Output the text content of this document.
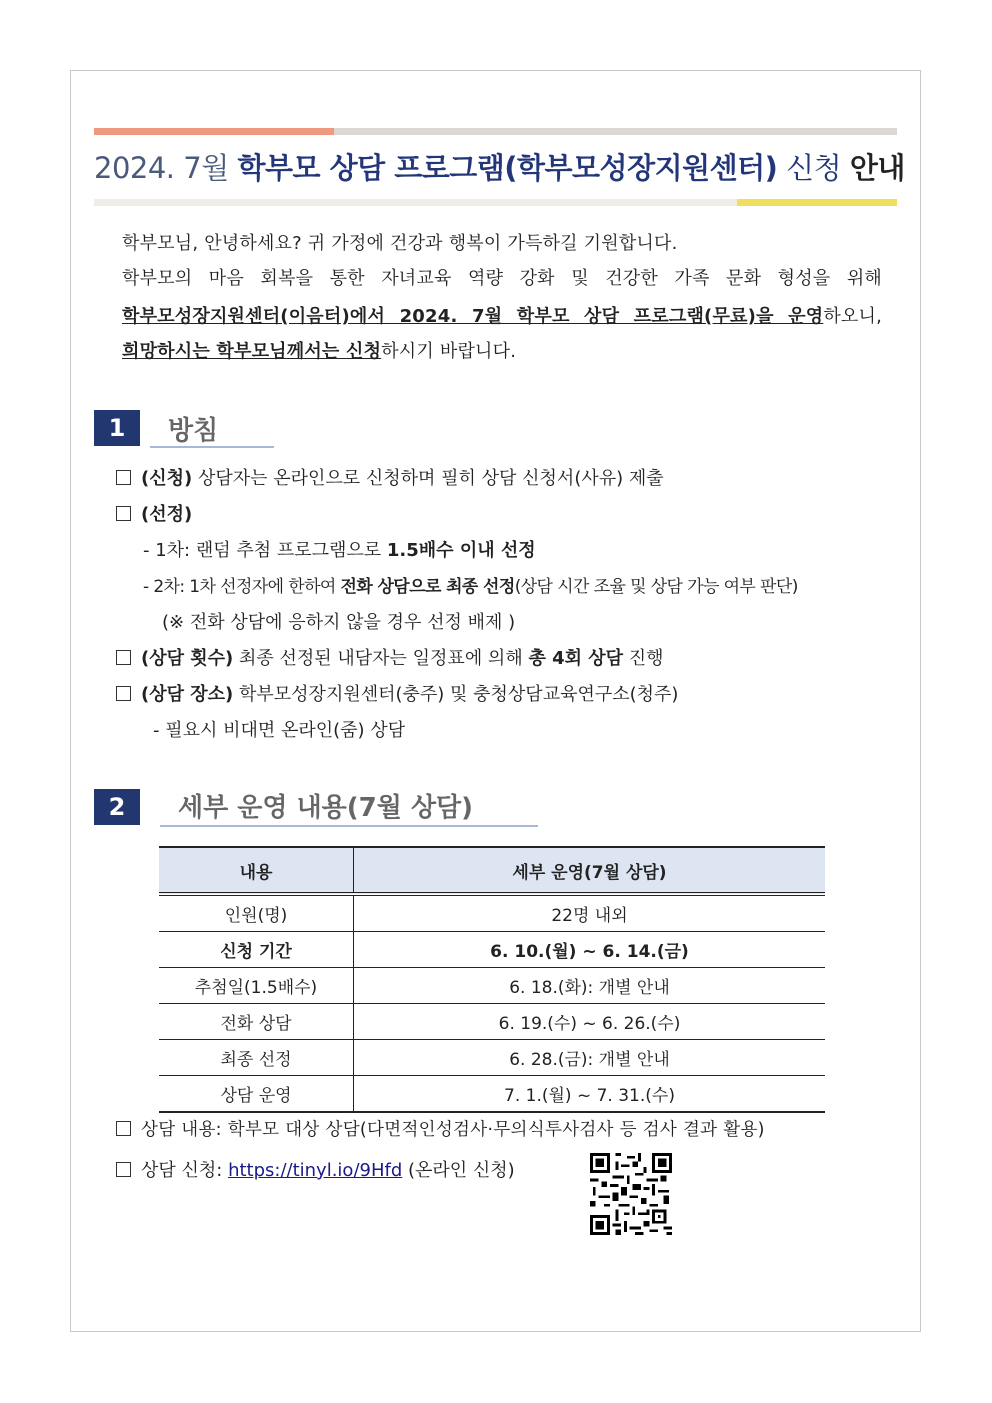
2024. 7월 학부모 상담 프로그램(학부모성장지원센터) 신청 안내

학부모님, 안녕하세요? 귀 가정에 건강과 행복이 가득하길 기원합니다.

학부모의 마음 회복을 통한 자녀교육 역량 강화 및 건강한 가족 문화 형성을 위해

학부모성장지원센터(이음터)에서 2024. 7월 학부모 상담 프로그램(무료)을 운영하오니,

희망하시는 학부모님께서는 신청하시기 바랍니다.

1	방침
(신청) 상담자는 온라인으로 신청하며 필히 상담 신청서(사유) 제출
(선정)
- 1차: 랜덤 추첨 프로그램으로 1.5배수 이내 선정
- 2차: 1차 선정자에 한하여 전화 상담으로 최종 선정(상담 시간 조율 및 상담 가능 여부 판단)
(※ 전화 상담에 응하지 않을 경우 선정 배제 )
(상담 횟수) 최종 선정된 내담자는 일정표에 의해 총 4회 상담 진행
(상담 장소) 학부모성장지원센터(충주) 및 충청상담교육연구소(청주)
- 필요시 비대면 온라인(줌) 상담
2	세부 운영 내용(7월 상담)
내용	세부 운영(7월 상담)
인원(명)	22명 내외
신청 기간	6. 10.(월) ~ 6. 14.(금)
추첨일(1.5배수)	6. 18.(화): 개별 안내
전화 상담	6. 19.(수) ~ 6. 26.(수)
최종 선정	6. 28.(금): 개별 안내
상담 운영	7. 1.(월) ~ 7. 31.(수)
상담 내용: 학부모 대상 상담(다면적인성검사·무의식투사검사 등 검사 결과 활용)
상담 신청: https://tinyl.io/9Hfd (온라인 신청)
